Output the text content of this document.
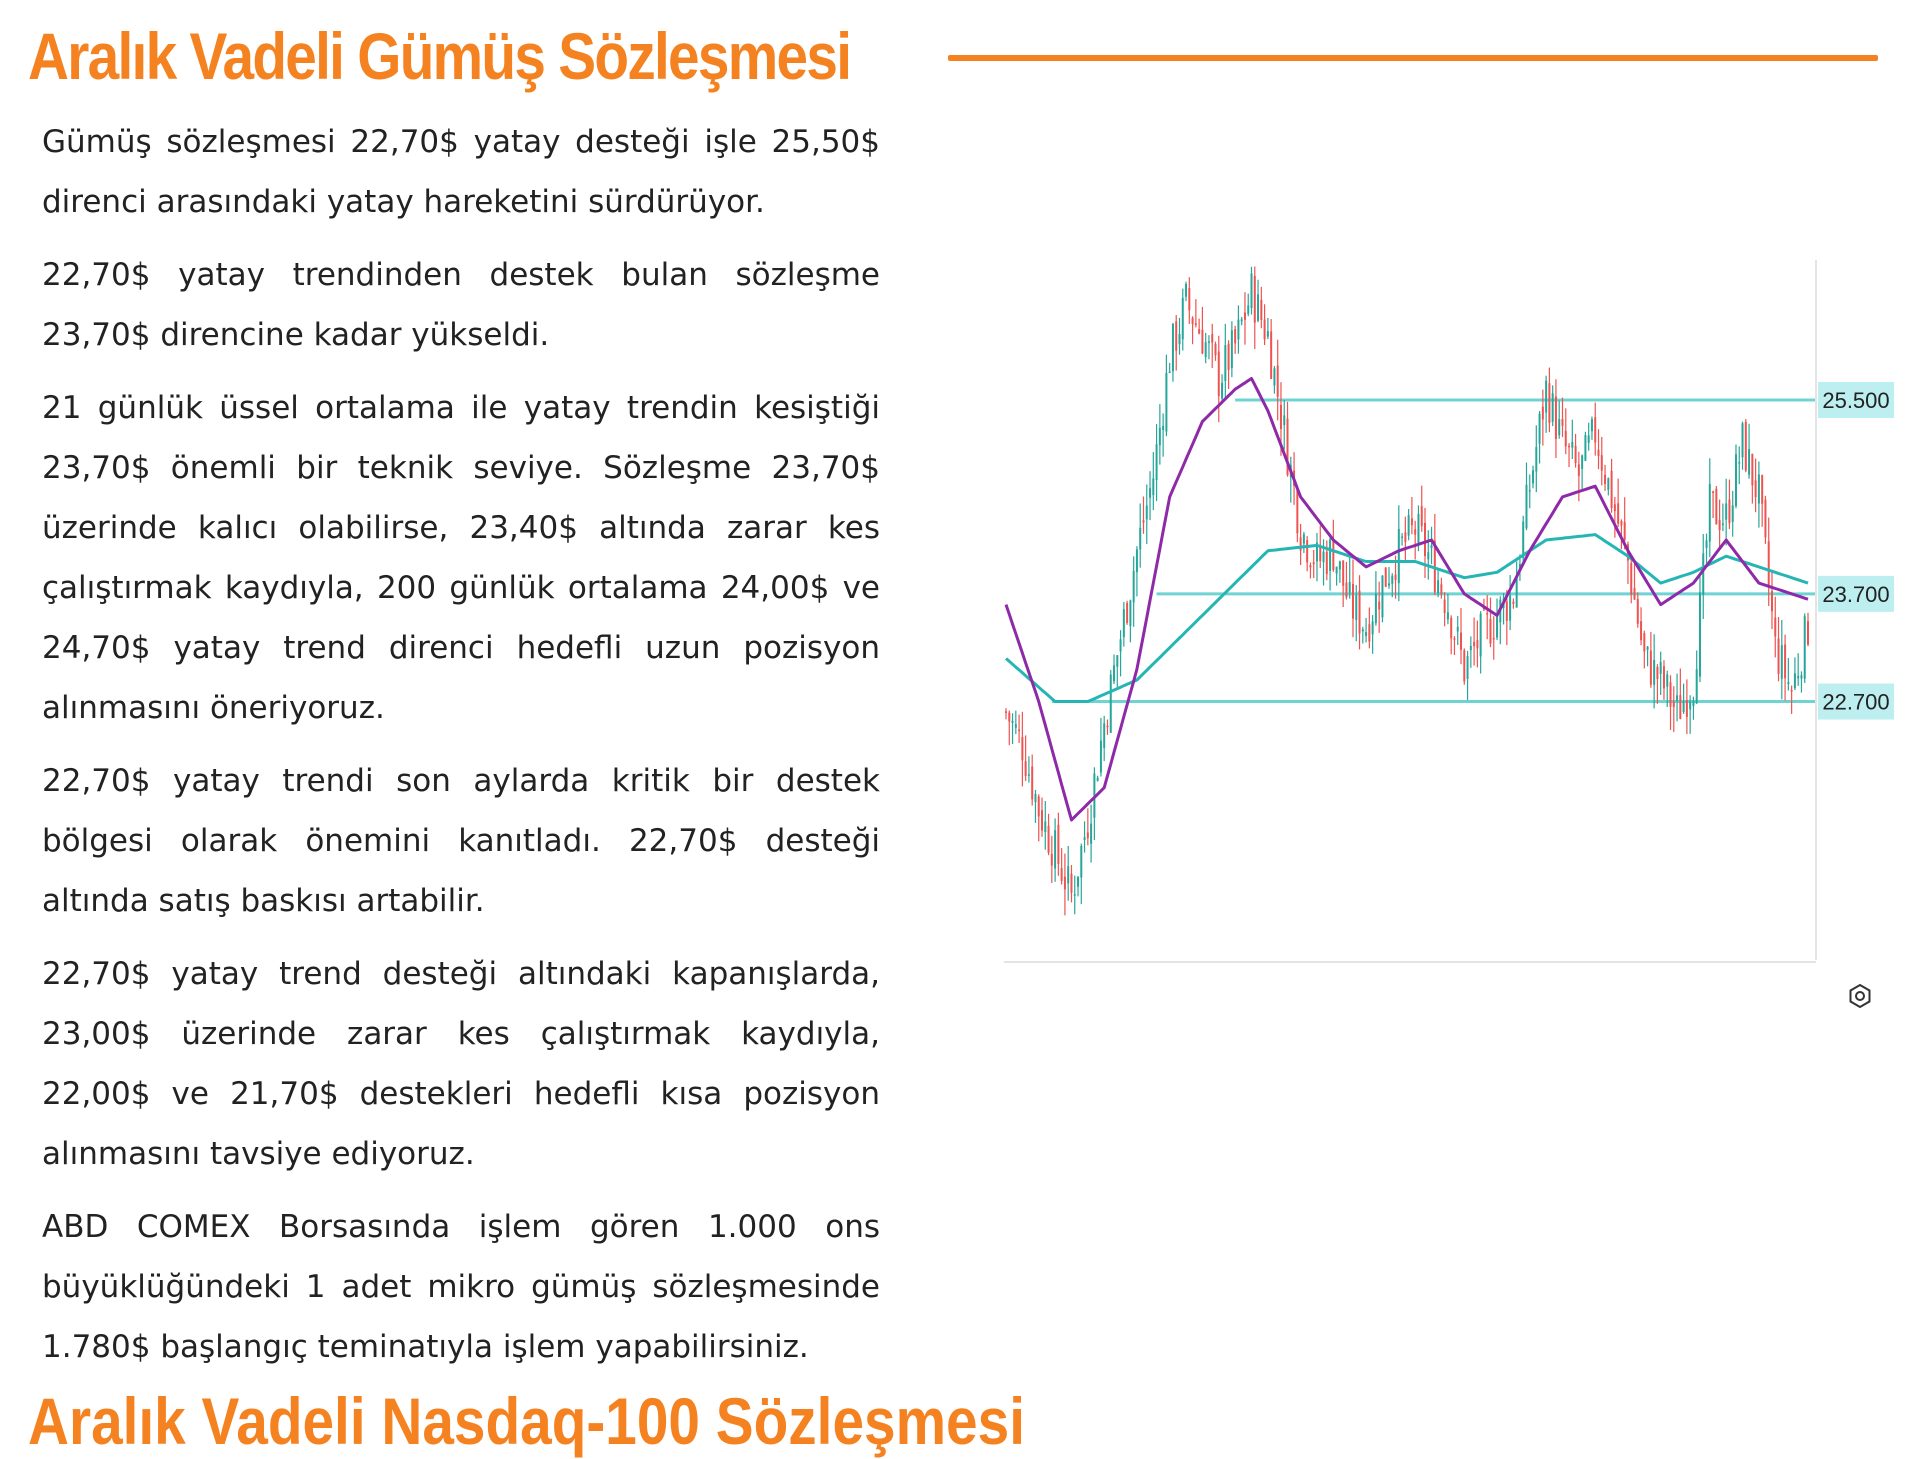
Aralık Vadeli Gümüş Sözleşmesi

Gümüş sözleşmesi 22,70$ yatay desteği işle 25,50$ direnci arasındaki yatay hareketini sürdürüyor.

22,70$ yatay trendinden destek bulan sözleşme 23,70$ direncine kadar yükseldi.

21 günlük üssel ortalama ile yatay trendin kesiştiği 23,70$ önemli bir teknik seviye. Sözleşme 23,70$ üzerinde kalıcı olabilirse, 23,40$ altında zarar kes çalıştırmak kaydıyla, 200 günlük ortalama 24,00$ ve 24,70$ yatay trend direnci hedefli uzun pozisyon alınmasını öneriyoruz.

22,70$ yatay trendi son aylarda kritik bir destek bölgesi olarak önemini kanıtladı. 22,70$ desteği altında satış baskısı artabilir.

22,70$ yatay trend desteği altındaki kapanışlarda, 23,00$ üzerinde zarar kes çalıştırmak kaydıyla, 22,00$ ve 21,70$ destekleri hedefli kısa pozisyon alınmasını tavsiye ediyoruz.

ABD COMEX Borsasında işlem gören 1.000 ons büyüklüğündeki 1 adet mikro gümüş sözleşmesinde 1.780$ başlangıç teminatıyla işlem yapabilirsiniz.

25.500
23.700
22.700
Aralık Vadeli Nasdaq-100 Sözleşmesi
